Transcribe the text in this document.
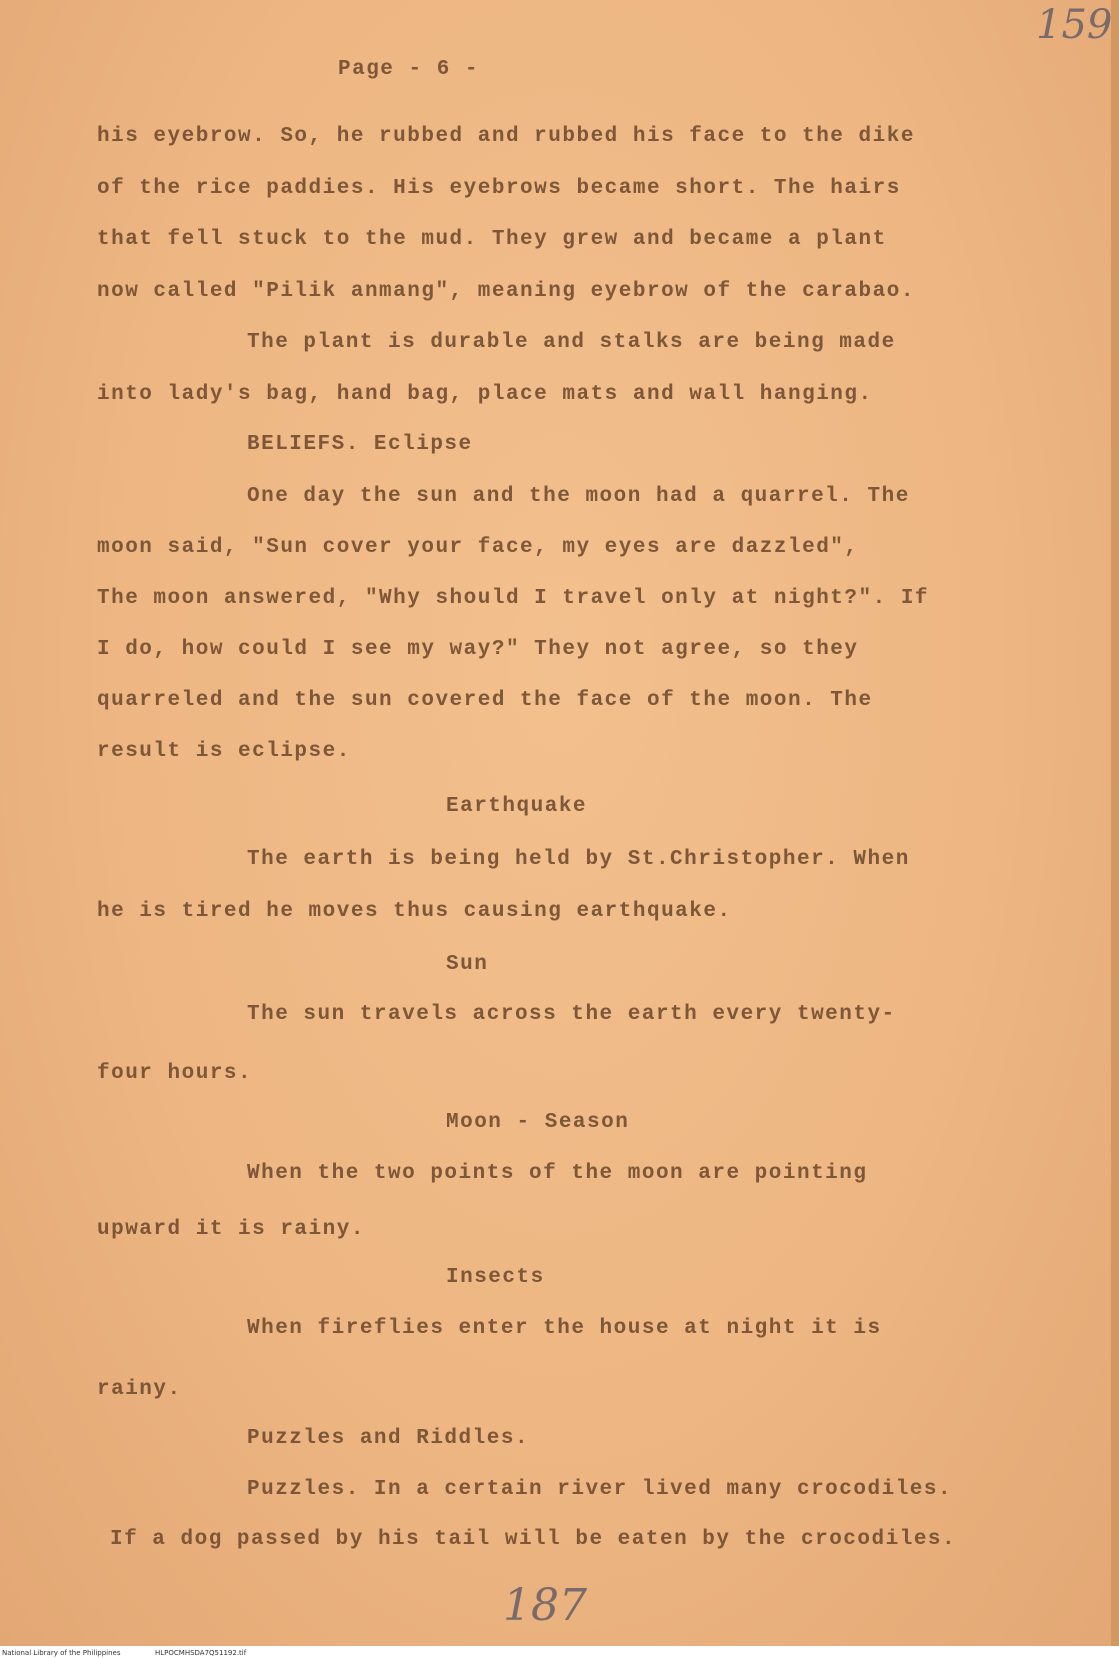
159

Page - 6 -

his eyebrow. So, he rubbed and rubbed his face to the dike

of the rice paddies. His eyebrows became short. The hairs

that fell stuck to the mud. They grew and became a plant

now called "Pilik anmang", meaning eyebrow of the carabao.

The plant is durable and stalks are being made

into lady's bag, hand bag, place mats and wall hanging.

BELIEFS. Eclipse

One day the sun and the moon had a quarrel. The

moon said, "Sun cover your face, my eyes are dazzled",

The moon answered, "Why should I travel only at night?". If

I do, how could I see my way?" They not agree, so they

quarreled and the sun covered the face of the moon. The

result is eclipse.

Earthquake

The earth is being held by St.Christopher. When

he is tired he moves thus causing earthquake.

Sun

The sun travels across the earth every twenty-

four hours.

Moon - Season

When the two points of the moon are pointing

upward it is rainy.

Insects

When fireflies enter the house at night it is

rainy.

Puzzles and Riddles.

Puzzles. In a certain river lived many crocodiles.

If a dog passed by his tail will be eaten by the crocodiles.

187

National Library of the Philippines	HLPOCMHSDA7Q51192.tif
